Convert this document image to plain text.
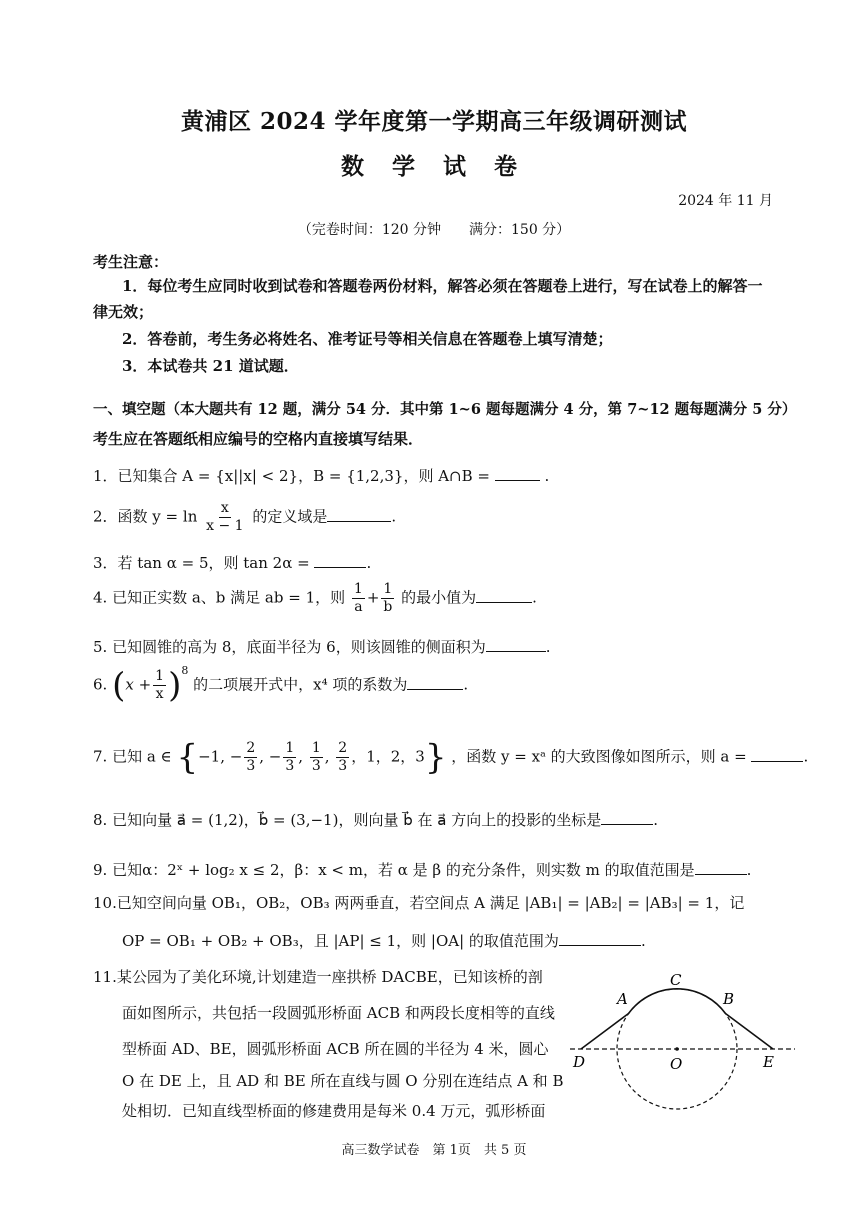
黄浦区 2024 学年度第一学期高三年级调研测试
数 学 试 卷
2024 年 11 月
（完卷时间：120 分钟　　满分：150 分）
考生注意：
1．每位考生应同时收到试卷和答题卷两份材料，解答必须在答题卷上进行，写在试卷上的解答一
律无效；
2．答卷前，考生务必将姓名、准考证号等相关信息在答题卷上填写清楚；
3．本试卷共 21 道试题．
一、填空题（本大题共有 12 题，满分 54 分．其中第 1~6 题每题满分 4 分，第 7~12 题每题满分 5 分）
考生应在答题纸相应编号的空格内直接填写结果．
1．已知集合 A = {x||x| < 2}，B = {1,2,3}，则 A∩B =	.
2．函数 $y = \ln \frac{x}{x - 1}$ 的定义域是	.
3．若 tan α = 5，则 tan 2α =	.
4. 已知正实数 a、b 满足 ab = 1，则 $\frac{1}{a} + \frac{1}{b}$ 的最小值为	.
5. 已知圆锥的高为 8，底面半径为 6，则该圆锥的侧面积为	.
6. $(x + \frac{1}{x} )^8$ 的二项展开式中，x⁴ 项的系数为	.
7. 已知 a ∈ {−1, − $\frac{2}{3}$ , − $\frac{1}{3}$ , $\frac{1}{3}$ , $\frac{2}{3}$ ，1，2，3} ，函数 y = xᵃ 的大致图像如图所示，则 a =	.
8. 已知向量 a⃗ = (1,2)，b⃗ = (3,−1)，则向量 b⃗ 在 a⃗ 方向上的投影的坐标是	.
9. 已知α：2ˣ + log₂ x ≤ 2，β：x < m，若 α 是 β 的充分条件，则实数 m 的取值范围是	.
10.已知空间向量 OB₁，OB₂，OB₃ 两两垂直，若空间点 A 满足 |AB₁| = |AB₂| = |AB₃| = 1，记
OP = OB₁ + OB₂ + OB₃，且 |AP| ≤ 1，则 |OA| 的取值范围为	.
11.某公园为了美化环境,计划建造一座拱桥 DACBE，已知该桥的剖
面如图所示，共包括一段圆弧形桥面 ACB 和两段长度相等的直线
型桥面 AD、BE，圆弧形桥面 ACB 所在圆的半径为 4 米，圆心
O 在 DE 上，且 AD 和 BE 所在直线与圆 O 分别在连结点 A 和 B
处相切．已知直线型桥面的修建费用是每米 0.4 万元，弧形桥面
A
C
B
D	O	E
高三数学试卷　第 1页　共 5 页
